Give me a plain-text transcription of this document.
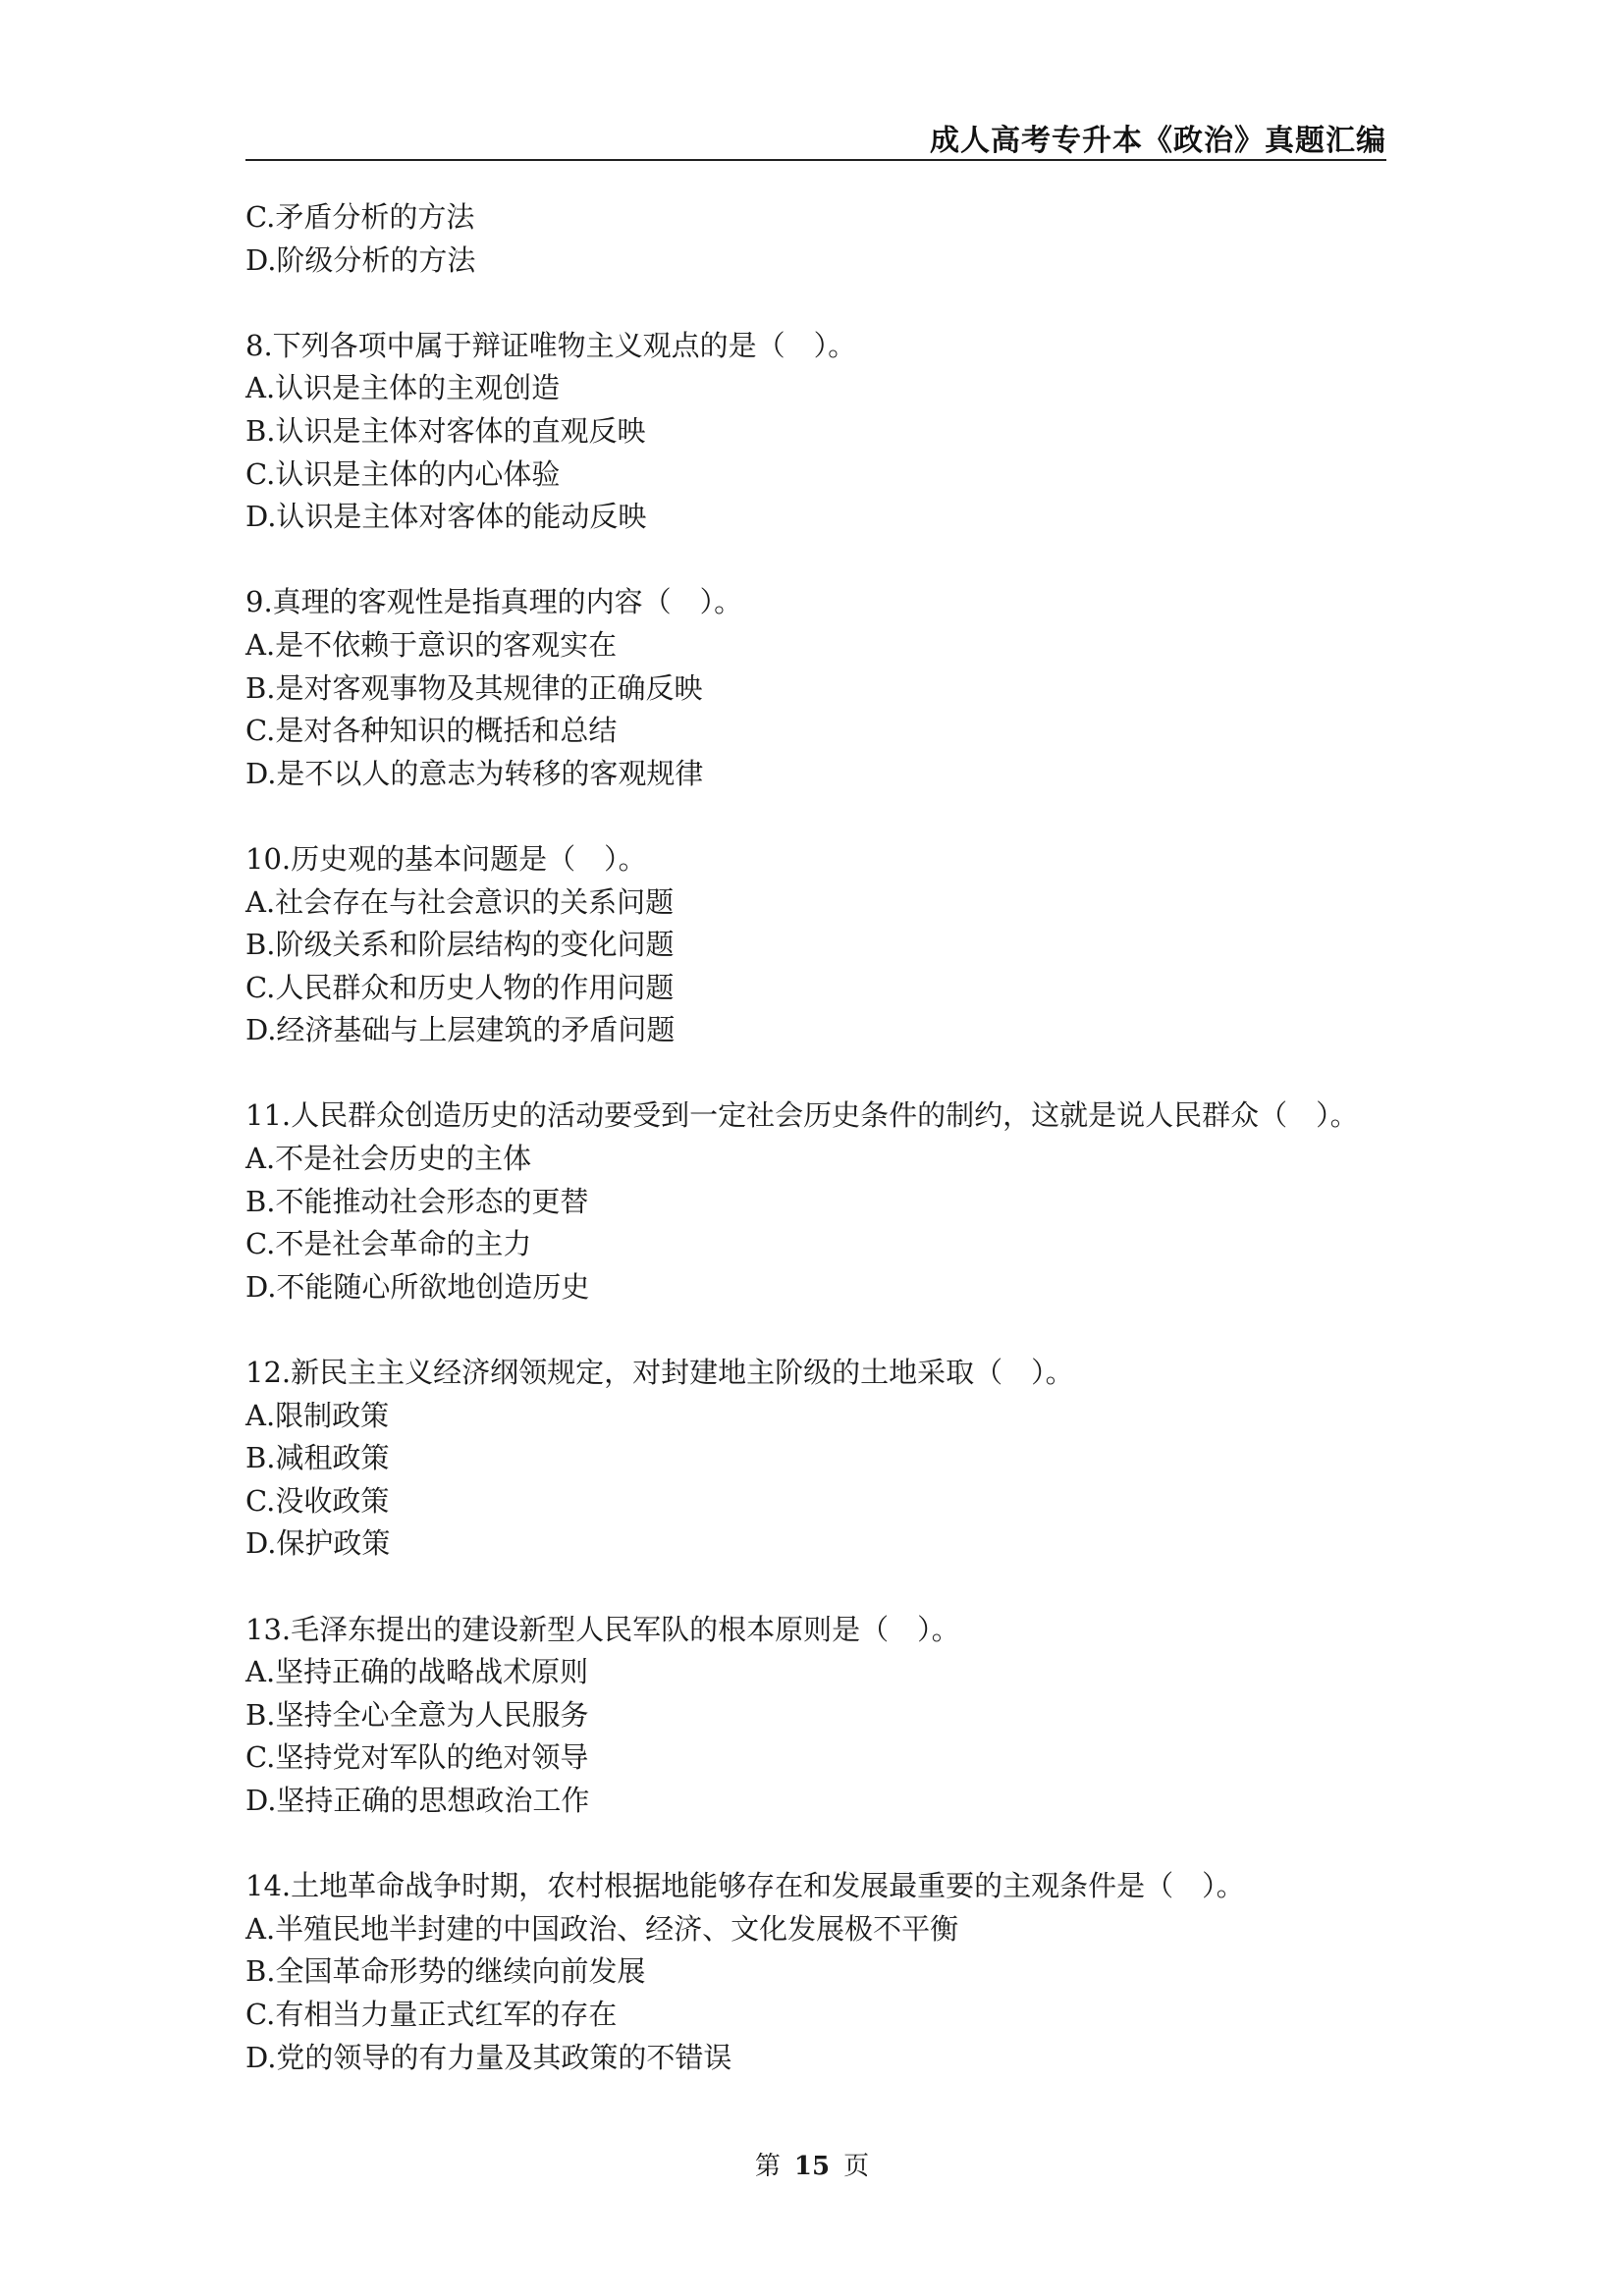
成人高考专升本《政治》真题汇编
C.矛盾分析的方法
D.阶级分析的方法
8.下列各项中属于辩证唯物主义观点的是（　）。
A.认识是主体的主观创造
B.认识是主体对客体的直观反映
C.认识是主体的内心体验
D.认识是主体对客体的能动反映
9.真理的客观性是指真理的内容（　）。
A.是不依赖于意识的客观实在
B.是对客观事物及其规律的正确反映
C.是对各种知识的概括和总结
D.是不以人的意志为转移的客观规律
10.历史观的基本问题是（　）。
A.社会存在与社会意识的关系问题
B.阶级关系和阶层结构的变化问题
C.人民群众和历史人物的作用问题
D.经济基础与上层建筑的矛盾问题
11.人民群众创造历史的活动要受到一定社会历史条件的制约，这就是说人民群众（　）。
A.不是社会历史的主体
B.不能推动社会形态的更替
C.不是社会革命的主力
D.不能随心所欲地创造历史
12.新民主主义经济纲领规定，对封建地主阶级的土地采取（　）。
A.限制政策
B.减租政策
C.没收政策
D.保护政策
13.毛泽东提出的建设新型人民军队的根本原则是（　）。
A.坚持正确的战略战术原则
B.坚持全心全意为人民服务
C.坚持党对军队的绝对领导
D.坚持正确的思想政治工作
14.土地革命战争时期，农村根据地能够存在和发展最重要的主观条件是（　）。
A.半殖民地半封建的中国政治、经济、文化发展极不平衡
B.全国革命形势的继续向前发展
C.有相当力量正式红军的存在
D.党的领导的有力量及其政策的不错误
第 15 页
